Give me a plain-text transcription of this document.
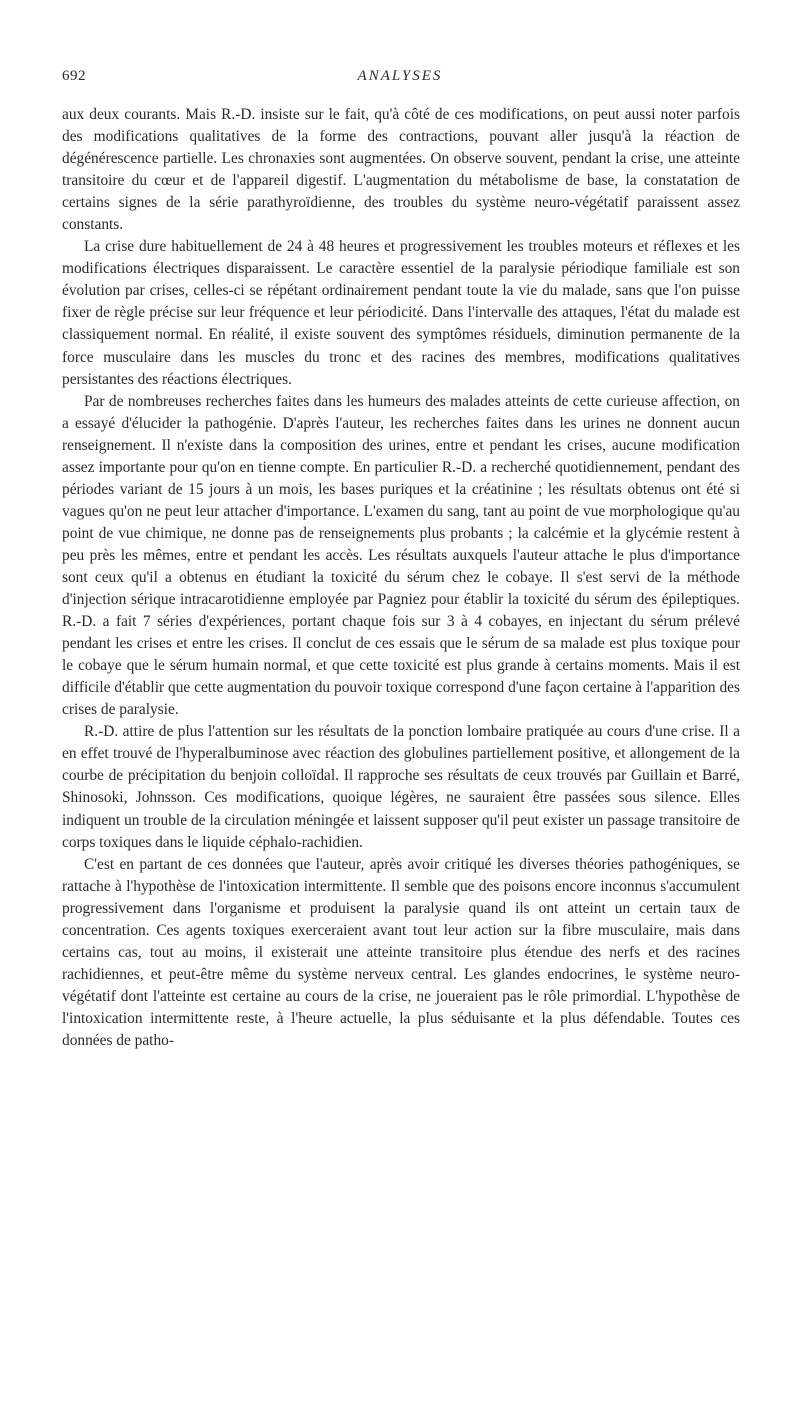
692	ANALYSES

aux deux courants. Mais R.-D. insiste sur le fait, qu'à côté de ces modifications, on peut aussi noter parfois des modifications qualitatives de la forme des contractions, pouvant aller jusqu'à la réaction de dégénérescence partielle. Les chronaxies sont augmentées. On observe souvent, pendant la crise, une atteinte transitoire du cœur et de l'appareil digestif. L'augmentation du métabolisme de base, la constatation de certains signes de la série parathyroïdienne, des troubles du système neuro-végétatif paraissent assez constants.

La crise dure habituellement de 24 à 48 heures et progressivement les troubles moteurs et réflexes et les modifications électriques disparaissent. Le caractère essentiel de la paralysie périodique familiale est son évolution par crises, celles-ci se répétant ordinairement pendant toute la vie du malade, sans que l'on puisse fixer de règle précise sur leur fréquence et leur périodicité. Dans l'intervalle des attaques, l'état du malade est classiquement normal. En réalité, il existe souvent des symptômes résiduels, diminution permanente de la force musculaire dans les muscles du tronc et des racines des membres, modifications qualitatives persistantes des réactions électriques.

Par de nombreuses recherches faites dans les humeurs des malades atteints de cette curieuse affection, on a essayé d'élucider la pathogénie. D'après l'auteur, les recherches faites dans les urines ne donnent aucun renseignement. Il n'existe dans la composition des urines, entre et pendant les crises, aucune modification assez importante pour qu'on en tienne compte. En particulier R.-D. a recherché quotidiennement, pendant des périodes variant de 15 jours à un mois, les bases puriques et la créatinine ; les résultats obtenus ont été si vagues qu'on ne peut leur attacher d'importance. L'examen du sang, tant au point de vue morphologique qu'au point de vue chimique, ne donne pas de renseignements plus probants ; la calcémie et la glycémie restent à peu près les mêmes, entre et pendant les accès. Les résultats auxquels l'auteur attache le plus d'importance sont ceux qu'il a obtenus en étudiant la toxicité du sérum chez le cobaye. Il s'est servi de la méthode d'injection sérique intracarotidienne employée par Pagniez pour établir la toxicité du sérum des épileptiques. R.-D. a fait 7 séries d'expériences, portant chaque fois sur 3 à 4 cobayes, en injectant du sérum prélevé pendant les crises et entre les crises. Il conclut de ces essais que le sérum de sa malade est plus toxique pour le cobaye que le sérum humain normal, et que cette toxicité est plus grande à certains moments. Mais il est difficile d'établir que cette augmentation du pouvoir toxique correspond d'une façon certaine à l'apparition des crises de paralysie.

R.-D. attire de plus l'attention sur les résultats de la ponction lombaire pratiquée au cours d'une crise. Il a en effet trouvé de l'hyperalbuminose avec réaction des globulines partiellement positive, et allongement de la courbe de précipitation du benjoin colloïdal. Il rapproche ses résultats de ceux trouvés par Guillain et Barré, Shinosoki, Johnsson. Ces modifications, quoique légères, ne sauraient être passées sous silence. Elles indiquent un trouble de la circulation méningée et laissent supposer qu'il peut exister un passage transitoire de corps toxiques dans le liquide céphalo-rachidien.

C'est en partant de ces données que l'auteur, après avoir critiqué les diverses théories pathogéniques, se rattache à l'hypothèse de l'intoxication intermittente. Il semble que des poisons encore inconnus s'accumulent progressivement dans l'organisme et produisent la paralysie quand ils ont atteint un certain taux de concentration. Ces agents toxiques exerceraient avant tout leur action sur la fibre musculaire, mais dans certains cas, tout au moins, il existerait une atteinte transitoire plus étendue des nerfs et des racines rachidiennes, et peut-être même du système nerveux central. Les glandes endocrines, le système neuro-végétatif dont l'atteinte est certaine au cours de la crise, ne joueraient pas le rôle primordial. L'hypothèse de l'intoxication intermittente reste, à l'heure actuelle, la plus séduisante et la plus défendable. Toutes ces données de patho-
